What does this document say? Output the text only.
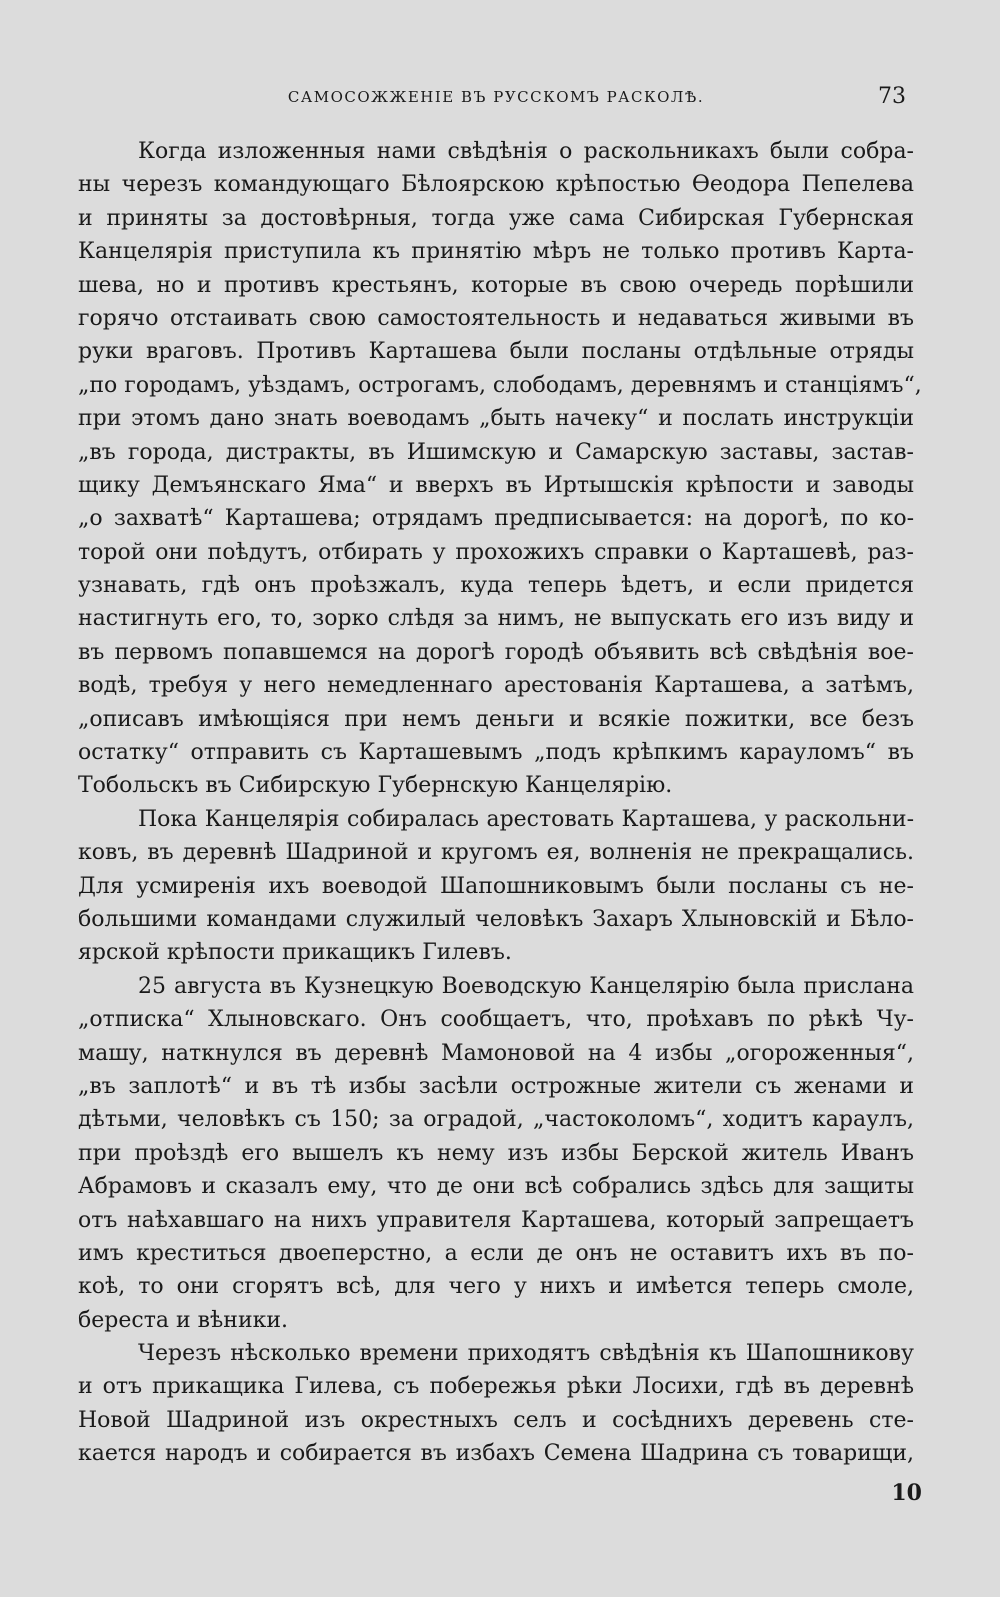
САМОСОЖЖЕНІЕ ВЪ РУССКОМЪ РАСКОЛѢ.	73
Когда изложенныя нами свѣдѣнія о раскольникахъ были собра-
ны черезъ командующаго Бѣлоярскою крѣпостью Ѳеодора Пепелева
и приняты за достовѣрныя, тогда уже сама Сибирская Губернская
Канцелярія приступила къ принятію мѣръ не только противъ Карта-
шева, но и противъ крестьянъ, которые въ свою очередь порѣшили
горячо отстаивать свою самостоятельность и недаваться живыми въ
руки враговъ. Противъ Карташева были посланы отдѣльные отряды
„по городамъ, уѣздамъ, острогамъ, слободамъ, деревнямъ и станціямъ“,
при этомъ дано знать воеводамъ „быть начеку“ и послать инструкціи
„въ города, дистракты, въ Ишимскую и Самарскую заставы, застав-
щику Демъянскаго Яма“ и вверхъ въ Иртышскія крѣпости и заводы
„о захватѣ“ Карташева; отрядамъ предписывается: на дорогѣ, по ко-
торой они поѣдутъ, отбирать у прохожихъ справки о Карташевѣ, раз-
узнавать, гдѣ онъ проѣзжалъ, куда теперь ѣдетъ, и если придется
настигнуть его, то, зорко слѣдя за нимъ, не выпускать его изъ виду и
въ первомъ попавшемся на дорогѣ городѣ объявить всѣ свѣдѣнія вое-
водѣ, требуя у него немедленнаго арестованія Карташева, а затѣмъ,
„описавъ имѣющіяся при немъ деньги и всякіе пожитки, все безъ
остатку“ отправить съ Карташевымъ „подъ крѣпкимъ карауломъ“ въ
Тобольскъ въ Сибирскую Губернскую Канцелярію.
Пока Канцелярія собиралась арестовать Карташева, у раскольни-
ковъ, въ деревнѣ Шадриной и кругомъ ея, волненія не прекращались.
Для усмиренія ихъ воеводой Шапошниковымъ были посланы съ не-
большими командами служилый человѣкъ Захаръ Хлыновскій и Бѣло-
ярской крѣпости прикащикъ Гилевъ.
25 августа въ Кузнецкую Воеводскую Канцелярію была прислана
„отписка“ Хлыновскаго. Онъ сообщаетъ, что, проѣхавъ по рѣкѣ Чу-
машу, наткнулся въ деревнѣ Мамоновой на 4 избы „огороженныя“,
„въ заплотѣ“ и въ тѣ избы засѣли острожные жители съ женами и
дѣтьми, человѣкъ съ 150; за оградой, „частоколомъ“, ходитъ караулъ,
при проѣздѣ его вышелъ къ нему изъ избы Берской житель Иванъ
Абрамовъ и сказалъ ему, что де они всѣ собрались здѣсь для защиты
отъ наѣхавшаго на нихъ управителя Карташева, который запрещаетъ
имъ креститься двоеперстно, а если де онъ не оставитъ ихъ въ по-
коѣ, то они сгорятъ всѣ, для чего у нихъ и имѣется теперь смоле,
береста и вѣники.
Черезъ нѣсколько времени приходятъ свѣдѣнія къ Шапошникову
и отъ прикащика Гилева, съ побережья рѣки Лосихи, гдѣ въ деревнѣ
Новой Шадриной изъ окрестныхъ селъ и сосѣднихъ деревень сте-
кается народъ и собирается въ избахъ Семена Шадрина съ товарищи,
10
